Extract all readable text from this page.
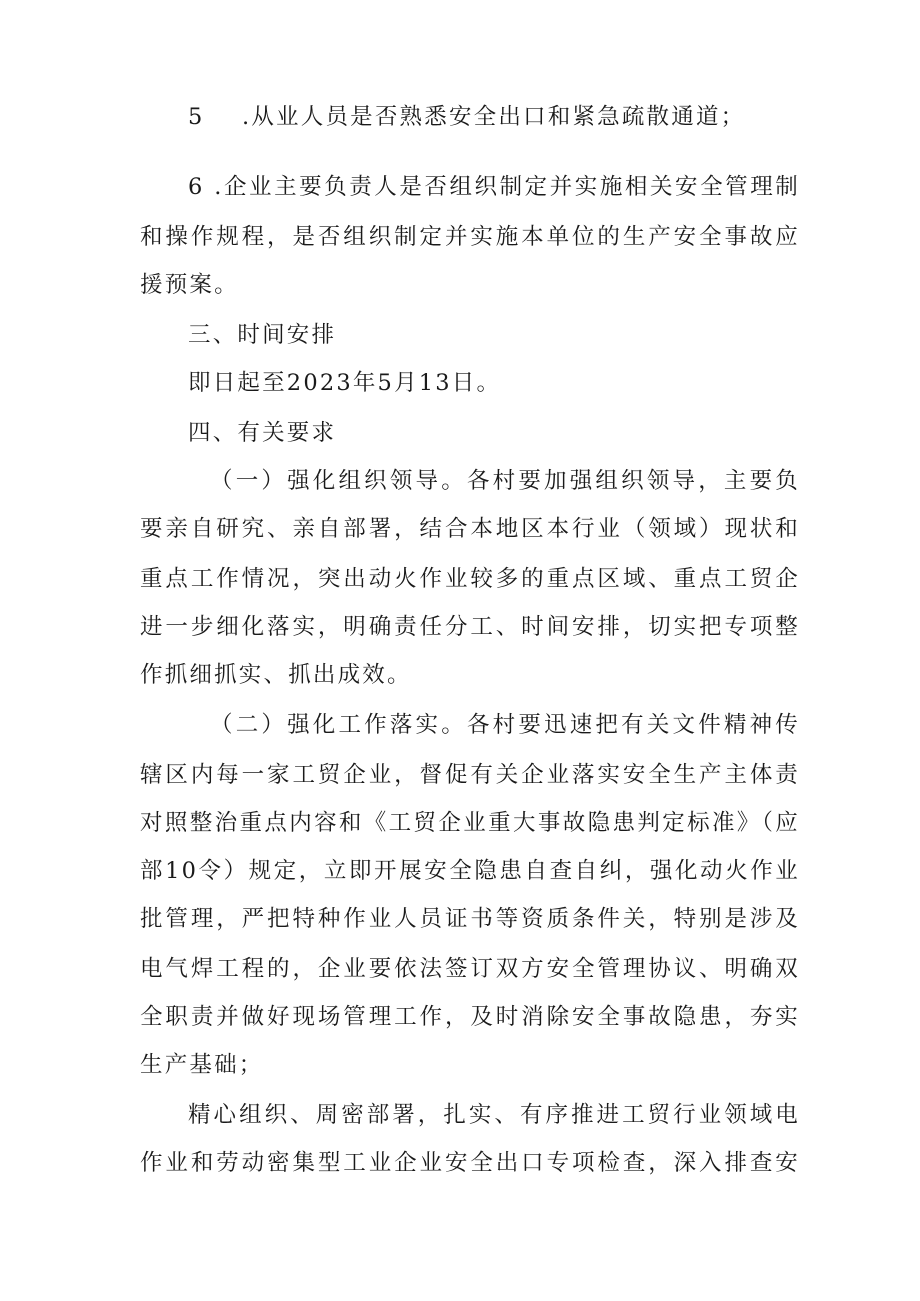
5 .从业人员是否熟悉安全出口和紧急疏散通道；
6 .企业主要负责人是否组织制定并实施相关安全管理制
和操作规程，是否组织制定并实施本单位的生产安全事故应
援预案。
三、时间安排
即日起至2023年5月13日。
四、有关要求
（一）强化组织领导。各村要加强组织领导，主要负
要亲自研究、亲自部署，结合本地区本行业（领域）现状和
重点工作情况，突出动火作业较多的重点区域、重点工贸企
进一步细化落实，明确责任分工、时间安排，切实把专项整
作抓细抓实、抓出成效。
（二）强化工作落实。各村要迅速把有关文件精神传
辖区内每一家工贸企业，督促有关企业落实安全生产主体责
对照整治重点内容和《工贸企业重大事故隐患判定标准》（应
部10令）规定，立即开展安全隐患自查自纠，强化动火作业
批管理，严把特种作业人员证书等资质条件关，特别是涉及
电气焊工程的，企业要依法签订双方安全管理协议、明确双
全职责并做好现场管理工作，及时消除安全事故隐患，夯实
生产基础；
精心组织、周密部署，扎实、有序推进工贸行业领域电
作业和劳动密集型工业企业安全出口专项检查，深入排查安
